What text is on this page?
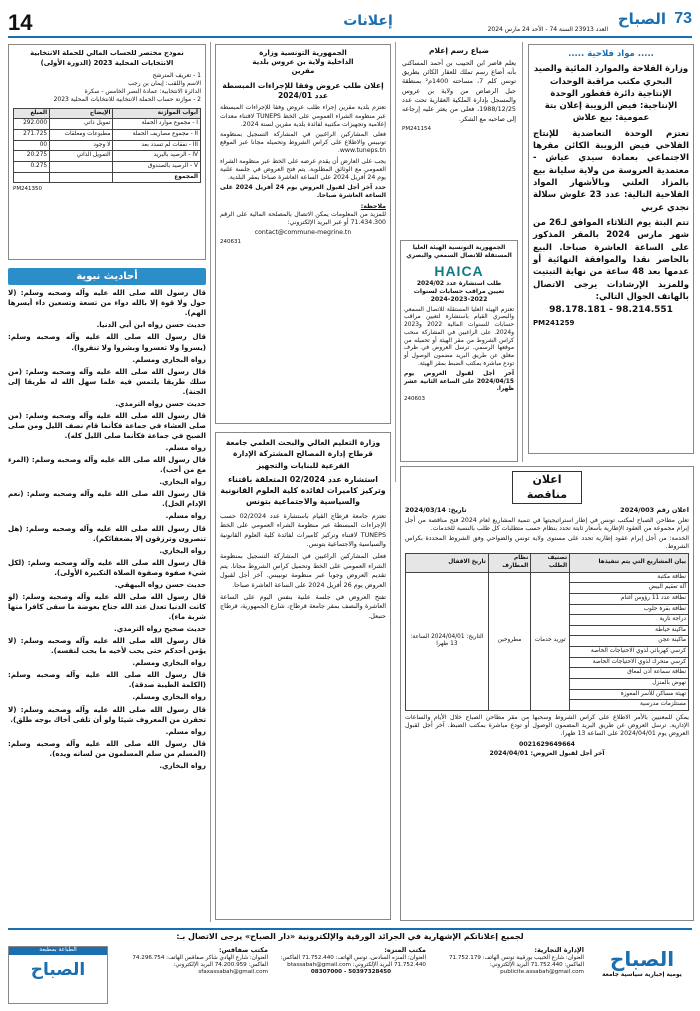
14	إعلانات
العدد 23913 السنة 74 - الأحد 24 مارس 2024
73
الصباح
..... مواد فلاحية .....
وزارة الفلاحة والموارد المائية والصيد البحري مكتب مراقبة الوحدات الإنتاجية دائرة قفطور الوحدة الإنتاجية: فيض الزويبة إعلان بتة عمومية: بيع علاش
تعتزم الوحدة التعاضدية للإنتاج الفلاحي فيض الزويبة الكائن مقرها الاجتماعي بعمادة سيدي عياش - معتمدية العروسة من ولاية سليانة بيع بالمزاد العلني وبالأشهار المواد الفلاحية التالية: عدد 23 علوش سلالة نجدي عربي
تتم البتة يوم الثلاثاء الموافق لـ26 من شهر مارس 2024 بالمقر المذكور على الساعة العاشرة صباحا. البيع بالحاضر نقدا والموافقة النهائية أو عدمها بعد 48 ساعة من نهاية التبتيت وللمزيد الإرشادات يرجى الاتصال بالهاتف الجوال التالي:
98.178.181 - 98.214.551
PM241259
اعلان مناقصة
اعلان رقم 2024/003
تاريخ: 2024/03/14

تعلن مطاحن الصباح لمكتب تونس في إطار استراتيجيتها في تنمية المشاريع لعام 2024 فتح مناقصة من أجل إبرام مجموعة من العقود الإطارية بأسعار ثابتة تحدد بنظام حسب متطلبات كل طلب بالنسبة للخدمات.

الخدمة: من أجل إبرام عقود إطارية تحدد على مستوى ولاية تونس والضواحي وفق الشروط المحددة بكراس الشروط.

بيان المشاريع التي يتم تنفيذها	تصنيف الطلب	نظام المطارف	تاريخ الاقفال
نظافة مكتبة	توريد خدمات	مطروحين	التاريخ: 2024/04/01 الساعة: 13 ظهرا
آلة تعقيم البيض			
نظافة عدد 11 رؤوس أغنام			
نظافة بقرة حلوب			
دراجة نارية			
ماكينة خياطة			
ماكينة عجن			
كرسي كهربائي لذوي الاحتياجات الخاصة			
كرسي متحرك لذوي الاحتياجات الخاصة			
نظافة سماعة أذن لمعاق			
نهوض بالمنزل			
تهيئة مساكن للأسر المعوزة			
مستلزمات مدرسية			

يمكن للمعنيين بالأمر الاطلاع على كراس الشروط وسحبها من مقر مطاحن الصباح خلال الأيام والساعات الإدارية. ترسل العروض عن طريق البريد المضمون الوصول أو تودع مباشرة بمكتب الضبط. آخر أجل لقبول العروض يوم 2024/04/01 على الساعة 13 ظهرا.

0021629649664
آخر أجل لقبول العروض: 2024/04/01
ضياع رسم إعلام

يعلم قاصر ابن الحبيب بن أحمد المساكني بأنه أضاع رسم تملك للعقار الكائن بطريق تونس كلم 7، مساحته 1400م² بمنطقة جبل الرصاص من ولاية بن عروس والمسجل بإدارة الملكية العقارية تحت عدد 1988/12/25، فعلى من يعثر عليه إرجاعه إلى صاحبه مع الشكر.

PM241154
الجمهورية التونسية الهيئة العليا المستقلة للاتصال السمعي والبصري
HAICA
طلب استشارة عدد 2024/02
تعيين مراقب حسابات لسنوات 2022-2023-2024

تعتزم الهيئة العليا المستقلة للاتصال السمعي والبصري القيام باستشارة لتعيين مراقب حسابات للسنوات المالية 2022 و2023 و2024. على الراغبين في المشاركة سحب كراس الشروط من مقر الهيئة أو تحميله من موقعها الرسمي. ترسل العروض في ظرف مغلق عن طريق البريد مضمون الوصول أو تودع مباشرة بمكتب الضبط بمقر الهيئة.

آخر أجل لقبول العروض يوم 2024/04/15 على الساعة الثانية عشر ظهرا.

240603
الجمهورية التونسية وزارة الداخلية ولاية بن عروس بلدية مقرين
إعلان طلب عروض وفقا للإجراءات المبسطة
عدد 2024/01

تعتزم بلدية مقرين إجراء طلب عروض وفقا للإجراءات المبسطة عبر منظومة الشراء العمومي على الخط TUNEPS لاقتناء معدات إعلامية وتجهيزات مكتبية لفائدة بلدية مقرين لسنة 2024.

فعلى المشاركين الراغبين في المشاركة التسجيل بمنظومة تونيبس والاطلاع على كراس الشروط وتحميله مجانا عبر الموقع www.tuneps.tn.

يجب على العارض أن يقدم عرضه على الخط عبر منظومة الشراء العمومي مع الوثائق المطلوبة. يتم فتح العروض في جلسة علنية يوم 24 أفريل 2024 على الساعة العاشرة صباحا بمقر البلدية.

حدد آخر أجل لقبول العروض يوم 24 أفريل 2024 على الساعة العاشرة صباحا.

ملاحظة:

للمزيد من المعلومات يمكن الاتصال بالمصلحة المالية على الرقم 71.434.300 أو عبر البريد الإلكتروني:

contact@commune-megrine.tn
240631
وزارة التعليم العالي والبحث العلمي جامعة قرطاج إدارة المصالح المشتركة الإدارة الفرعية للبنايات والتجهيز
استشارة عدد 02/2024 المتعلقة باقتناء وتركيز كاميرات لفائدة كلية العلوم القانونية والسياسية والاجتماعية بتونس

تعتزم جامعة قرطاج القيام باستشارة عدد 02/2024 حسب الإجراءات المبسطة عبر منظومة الشراء العمومي على الخط TUNEPS لاقتناء وتركيز كاميرات لفائدة كلية العلوم القانونية والسياسية والاجتماعية بتونس.

فعلى المشاركين الراغبين في المشاركة التسجيل بمنظومة الشراء العمومي على الخط وتحميل كراس الشروط مجانا. يتم تقديم العروض وجوبا عبر منظومة تونيبس. آخر أجل لقبول العروض يوم 26 أفريل 2024 على الساعة العاشرة صباحا.

تفتح العروض في جلسة علنية بنفس اليوم على الساعة العاشرة والنصف بمقر جامعة قرطاج، شارع الجمهورية، قرطاج حنبعل.

نموذج مختصر للحساب المالي للحملة الانتخابية الانتخابات المحلية 2023 (الدورة الأولى)
1 - تعريف المترشح
الاسم واللقب: إيمان بن رجب
الدائرة الانتخابية: عمادة النصر الخامس - سكرة
2 - موازنة حساب الحملة الانتخابية للانتخابات المحلية 2023
أبواب الموازنة	الإيضاح	المبلغ
I - مجموع موارد الحملة	تمويل ذاتي	292.000
II - مجموع مصاريف الحملة	مطبوعات ومعلقات	271.725
III - نفقات لم تسدد بعد	لا وجود	00
IV - الرصيد بالبريد	التمويل الذاتي	20.275
V - الرصيد بالصندوق		0.275
المجموع		
PM241350
أحاديث نبوية

قال رسول الله صلى الله عليه وآله وصحبه وسلم: (لا حول ولا قوة إلا بالله دواء من تسعة وتسعين داء أيسرها الهم).

حديث حسن رواه ابن أبي الدنيا.

قال رسول الله صلى الله عليه وآله وصحبه وسلم: (يسروا ولا تعسروا وبشروا ولا تنفروا).

رواه البخاري ومسلم.

قال رسول الله صلى الله عليه وآله وصحبه وسلم: (من سلك طريقا يلتمس فيه علما سهل الله له طريقا إلى الجنة).

حديث حسن رواه الترمذي.

قال رسول الله صلى الله عليه وآله وصحبه وسلم: (من صلى العشاء في جماعة فكأنما قام نصف الليل ومن صلى الصبح في جماعة فكأنما صلى الليل كله).

رواه مسلم.

قال رسول الله صلى الله عليه وآله وصحبه وسلم: (المرء مع من أحب).

رواه البخاري.

قال رسول الله صلى الله عليه وآله وصحبه وسلم: (نعم الإدام الخل).

رواه مسلم.

قال رسول الله صلى الله عليه وآله وصحبه وسلم: (هل تنصرون وترزقون إلا بضعفائكم).

رواه البخاري.

قال رسول الله صلى الله عليه وآله وصحبه وسلم: (لكل شيء صفوة وصفوة الصلاة التكبيرة الأولى).

حديث حسن رواه البيهقي.

قال رسول الله صلى الله عليه وآله وصحبه وسلم: (لو كانت الدنيا تعدل عند الله جناح بعوضة ما سقى كافرا منها شربة ماء).

حديث صحيح رواه الترمذي.

قال رسول الله صلى الله عليه وآله وصحبه وسلم: (لا يؤمن أحدكم حتى يحب لأخيه ما يحب لنفسه).

رواه البخاري ومسلم.

قال رسول الله صلى الله عليه وآله وصحبه وسلم: (الكلمة الطيبة صدقة).

رواه البخاري ومسلم.

قال رسول الله صلى الله عليه وآله وصحبه وسلم: (لا تحقرن من المعروف شيئا ولو أن تلقى أخاك بوجه طلق).

رواه مسلم.

قال رسول الله صلى الله عليه وآله وصحبه وسلم: (المسلم من سلم المسلمون من لسانه ويده).

رواه البخاري.

لجميع إعلاناتكم الإشهارية في الجرائد الورقية والإلكترونية «دار الصباح» يرجى الاتصال بـ:
الصباح
يومية إخبارية سياسية جامعة
الإدارة التجارية:
العنوان: شارع الحبيب بورقيبة تونس الهاتف: 71.752.179 الفاكس: 71.752.440 البريد الإلكتروني: publicite.assabah@gmail.com
مكتب المنزه:
العنوان: المنزه السادس، تونس الهاتف: 71.752.440 الفاكس: 71.752.440 البريد الإلكتروني: btassabah@gmail.com
08307000 - 50397328450
مكتب صفاقس:
العنوان: شارع الهادي شاكر صفاقس الهاتف: 74.296.754 الفاكس: 74.200.959 البريد الإلكتروني: sfaxassabah@gmail.com
الطباعة بمطبعة
الصباح
